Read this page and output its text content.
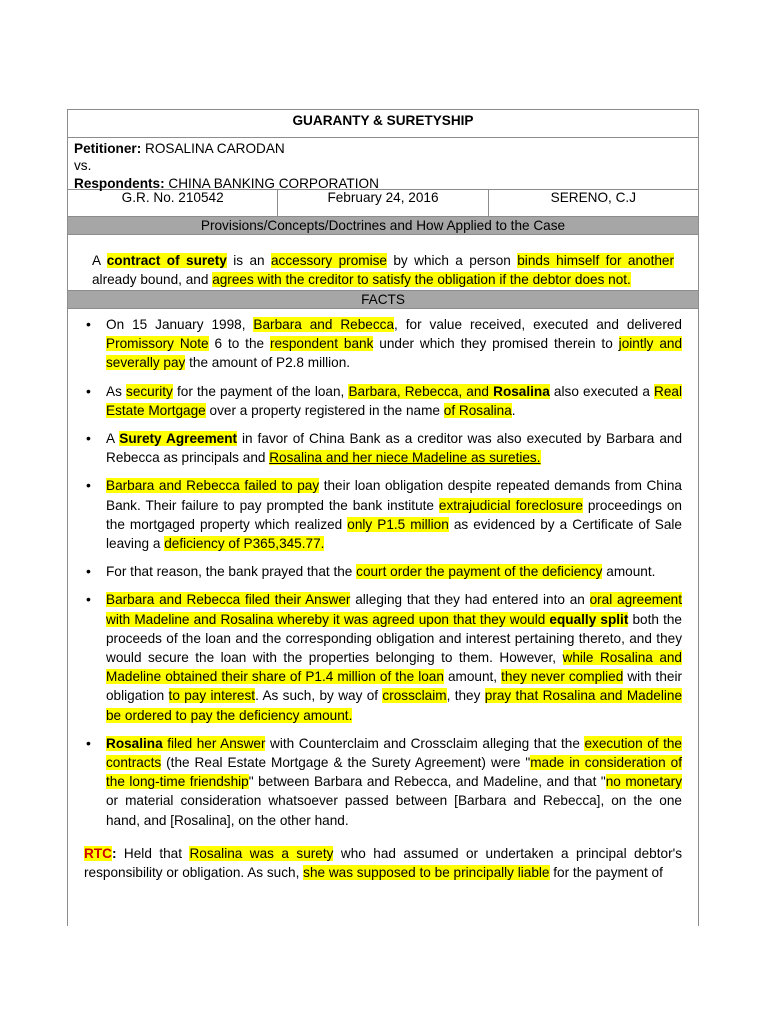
GUARANTY & SURETYSHIP
Petitioner: ROSALINA CARODAN
vs.
Respondents: CHINA BANKING CORPORATION
G.R. No. 210542	February 24, 2016	SERENO, C.J
Provisions/Concepts/Doctrines and How Applied to the Case
A contract of surety is an accessory promise by which a person binds himself for another already bound, and agrees with the creditor to satisfy the obligation if the debtor does not.
FACTS
• On 15 January 1998, Barbara and Rebecca, for value received, executed and delivered Promissory Note 6 to the respondent bank under which they promised therein to jointly and severally pay the amount of P2.8 million.
• As security for the payment of the loan, Barbara, Rebecca, and Rosalina also executed a Real Estate Mortgage over a property registered in the name of Rosalina.
• A Surety Agreement in favor of China Bank as a creditor was also executed by Barbara and Rebecca as principals and Rosalina and her niece Madeline as sureties.
• Barbara and Rebecca failed to pay their loan obligation despite repeated demands from China Bank. Their failure to pay prompted the bank institute extrajudicial foreclosure proceedings on the mortgaged property which realized only P1.5 million as evidenced by a Certificate of Sale leaving a deficiency of P365,345.77.
• For that reason, the bank prayed that the court order the payment of the deficiency amount.
• Barbara and Rebecca filed their Answer alleging that they had entered into an oral agreement with Madeline and Rosalina whereby it was agreed upon that they would equally split both the proceeds of the loan and the corresponding obligation and interest pertaining thereto, and they would secure the loan with the properties belonging to them. However, while Rosalina and Madeline obtained their share of P1.4 million of the loan amount, they never complied with their obligation to pay interest. As such, by way of crossclaim, they pray that Rosalina and Madeline be ordered to pay the deficiency amount.
• Rosalina filed her Answer with Counterclaim and Crossclaim alleging that the execution of the contracts (the Real Estate Mortgage & the Surety Agreement) were "made in consideration of the long-time friendship" between Barbara and Rebecca, and Madeline, and that "no monetary or material consideration whatsoever passed between [Barbara and Rebecca], on the one hand, and [Rosalina], on the other hand.
RTC: Held that Rosalina was a surety who had assumed or undertaken a principal debtor's responsibility or obligation. As such, she was supposed to be principally liable for the payment of
